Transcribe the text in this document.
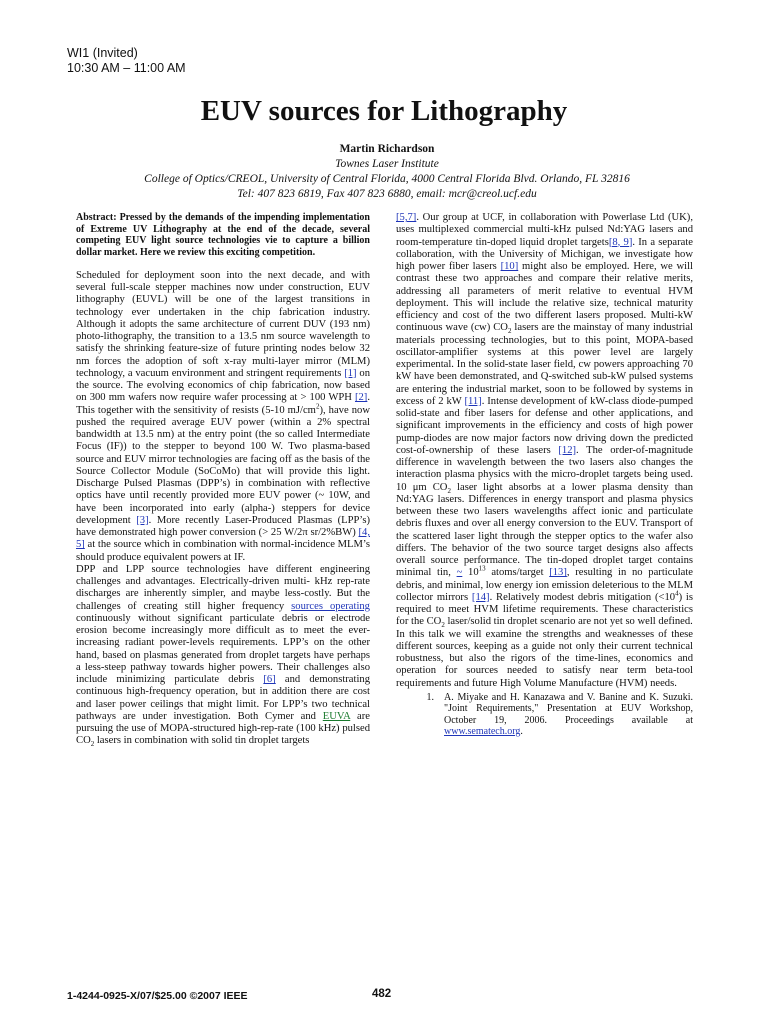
WI1 (Invited)
10:30 AM – 11:00 AM
EUV sources for Lithography
Martin Richardson
Townes Laser Institute
College of Optics/CREOL, University of Central Florida, 4000 Central Florida Blvd. Orlando, FL 32816
Tel: 407 823 6819, Fax 407 823 6880, email: mcr@creol.ucf.edu

Abstract: Pressed by the demands of the impending implementation of Extreme UV Lithography at the end of the decade, several competing EUV light source technologies vie to capture a billion dollar market. Here we review this exciting competition.

Scheduled for deployment soon into the next decade, and with several full-scale stepper machines now under construction, EUV lithography (EUVL) will be one of the largest transitions in technology ever undertaken in the chip fabrication industry. Although it adopts the same architecture of current DUV (193 nm) photo-lithography, the transition to a 13.5 nm source wavelength to satisfy the shrinking feature-size of future printing nodes below 32 nm forces the adoption of soft x-ray multi-layer mirror (MLM) technology, a vacuum environment and stringent requirements [1] on the source. The evolving economics of chip fabrication, now based on 300 mm wafers now require wafer processing at > 100 WPH [2]. This together with the sensitivity of resists (5-10 $mJ/cm^2$), have now pushed the required average EUV power (within a 2% spectral bandwidth at 13.5 nm) at the entry point (the so called Intermediate Focus (IF)) to the stepper to beyond 100 W. Two plasma-based source and EUV mirror technologies are facing off as the basis of the Source Collector Module (SoCoMo) that will provide this light. Discharge Pulsed Plasmas (DPP’s) in combination with reflective optics have until recently provided more EUV power (~ 10W, and have been incorporated into early (alpha-) steppers for device development [3]. More recently Laser-Produced Plasmas (LPP’s) have demonstrated high power conversion (> 25 W/2π sr/2%BW) [4, 5] at the source which in combination with normal-incidence MLM’s should produce equivalent powers at IF.

DPP and LPP source technologies have different engineering challenges and advantages. Electrically-driven multi- kHz rep-rate discharges are inherently simpler, and maybe less-costly. But the challenges of creating still higher frequency sources operating continuously without significant particulate debris or electrode erosion become increasingly more difficult as to meet the ever-increasing radiant power-levels requirements. LPP’s on the other hand, based on plasmas generated from droplet targets have perhaps a less-steep pathway towards higher powers. Their challenges also include minimizing particulate debris [6] and demonstrating continuous high-frequency operation, but in addition there are cost and laser power ceilings that might limit. For LPP’s two technical pathways are under investigation. Both Cymer and EUVA are pursuing the use of MOPA-structured high-rep-rate (100 kHz) pulsed $CO_2$ lasers in combination with solid tin droplet targets

[5,7]. Our group at UCF, in collaboration with Powerlase Ltd (UK), uses multiplexed commercial multi-kHz pulsed Nd:YAG lasers and room-temperature tin-doped liquid droplet targets[8, 9]. In a separate collaboration, with the University of Michigan, we investigate how high power fiber lasers [10] might also be employed. Here, we will contrast these two approaches and compare their relative merits, addressing all parameters of merit relative to eventual HVM deployment. This will include the relative size, technical maturity efficiency and cost of the two different lasers proposed. Multi-kW continuous wave (cw) $CO_2$ lasers are the mainstay of many industrial materials processing technologies, but to this point, MOPA-based oscillator-amplifier systems at this power level are largely experimental. In the solid-state laser field, cw powers approaching 70 kW have been demonstrated, and Q-switched sub-kW pulsed systems are entering the industrial market, soon to be followed by systems in excess of 2 kW [11]. Intense development of kW-class diode-pumped solid-state and fiber lasers for defense and other applications, and significant improvements in the efficiency and costs of high power pump-diodes are now major factors now driving down the predicted cost-of-ownership of these lasers [12]. The order-of-magnitude difference in wavelength between the two lasers also changes the interaction plasma physics with the micro-droplet targets being used. 10 μm $CO_2$ laser light absorbs at a lower plasma density than Nd:YAG lasers. Differences in energy transport and plasma physics between these two lasers wavelengths affect ionic and particulate debris fluxes and over all energy conversion to the EUV. Transport of the scattered laser light through the stepper optics to the wafer also differs. The behavior of the two source target designs also affects overall source performance. The tin-doped droplet target contains minimal tin, ~ $10^{13}$ atoms/target [13], resulting in no particulate debris, and minimal, low energy ion emission deleterious to the MLM collector mirrors [14]. Relatively modest debris mitigation $(<10^4)$ is required to meet HVM lifetime requirements. These characteristics for the $CO_2$ laser/solid tin droplet scenario are not yet so well defined.

In this talk we will examine the strengths and weaknesses of these different sources, keeping as a guide not only their current technical robustness, but also the rigors of the time-lines, economics and operation for sources needed to satisfy near term beta-tool requirements and future High Volume Manufacture (HVM) needs.

1.	A. Miyake and H. Kanazawa and V. Banine and K. Suzuki. "Joint Requirements," Presentation at EUV Workshop, October 19, 2006. Proceedings available at www.sematech.org.
1-4244-0925-X/07/$25.00 ©2007 IEEE	482
